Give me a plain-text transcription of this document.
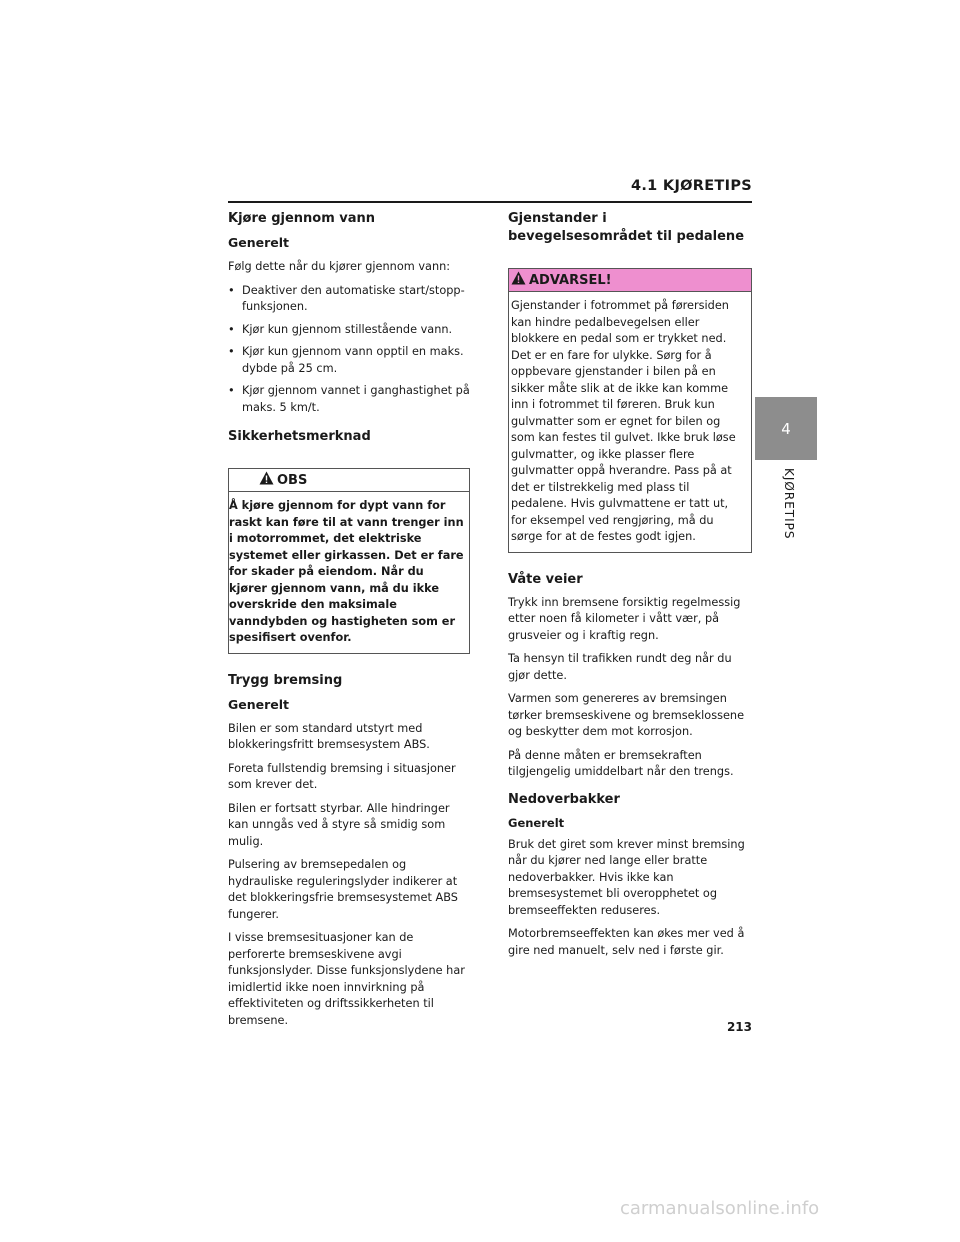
4.1 KJØRETIPS
4
KJØRETIPS
Kjøre gjennom vann
Generelt

Følg dette når du kjører gjennom vann:

• Deaktiver den automatiske start/stopp-funksjonen.
• Kjør kun gjennom stillestående vann.
• Kjør kun gjennom vann opptil en maks. dybde på 25 cm.
• Kjør gjennom vannet i ganghastighet på maks. 5 km/t.
Sikkerhetsmerknad
OBS

Å kjøre gjennom for dypt vann for raskt kan føre til at vann trenger inn i motorrommet, det elektriske systemet eller girkassen. Det er fare for skader på eiendom. Når du kjører gjennom vann, må du ikke overskride den maksimale vanndybden og hastigheten som er spesifisert ovenfor.

Trygg bremsing
Generelt

Bilen er som standard utstyrt med blokkeringsfritt bremsesystem ABS.

Foreta fullstendig bremsing i situasjoner som krever det.

Bilen er fortsatt styrbar. Alle hindringer kan unngås ved å styre så smidig som mulig.

Pulsering av bremsepedalen og hydrauliske reguleringslyder indikerer at det blokkeringsfrie bremsesystemet ABS fungerer.

I visse bremsesituasjoner kan de perforerte bremseskivene avgi funksjonslyder. Disse funksjonslydene har imidlertid ikke noen innvirkning på effektiviteten og driftssikkerheten til bremsene.

Gjenstander i bevegelsesområdet til pedalene
ADVARSEL!

Gjenstander i fotrommet på førersiden kan hindre pedalbevegelsen eller blokkere en pedal som er trykket ned. Det er en fare for ulykke. Sørg for å oppbevare gjenstander i bilen på en sikker måte slik at de ikke kan komme inn i fotrommet til føreren. Bruk kun gulvmatter som er egnet for bilen og som kan festes til gulvet. Ikke bruk løse gulvmatter, og ikke plasser flere gulvmatter oppå hverandre. Pass på at det er tilstrekkelig med plass til pedalene. Hvis gulvmattene er tatt ut, for eksempel ved rengjøring, må du sørge for at de festes godt igjen.

Våte veier

Trykk inn bremsene forsiktig regelmessig etter noen få kilometer i vått vær, på grusveier og i kraftig regn.

Ta hensyn til trafikken rundt deg når du gjør dette.

Varmen som genereres av bremsingen tørker bremseskivene og bremseklossene og beskytter dem mot korrosjon.

På denne måten er bremsekraften tilgjengelig umiddelbart når den trengs.

Nedoverbakker
Generelt

Bruk det giret som krever minst bremsing når du kjører ned lange eller bratte nedoverbakker. Hvis ikke kan bremsesystemet bli overopphetet og bremseeffekten reduseres.

Motorbremseeffekten kan økes mer ved å gire ned manuelt, selv ned i første gir.

213
carmanualsonline.info
